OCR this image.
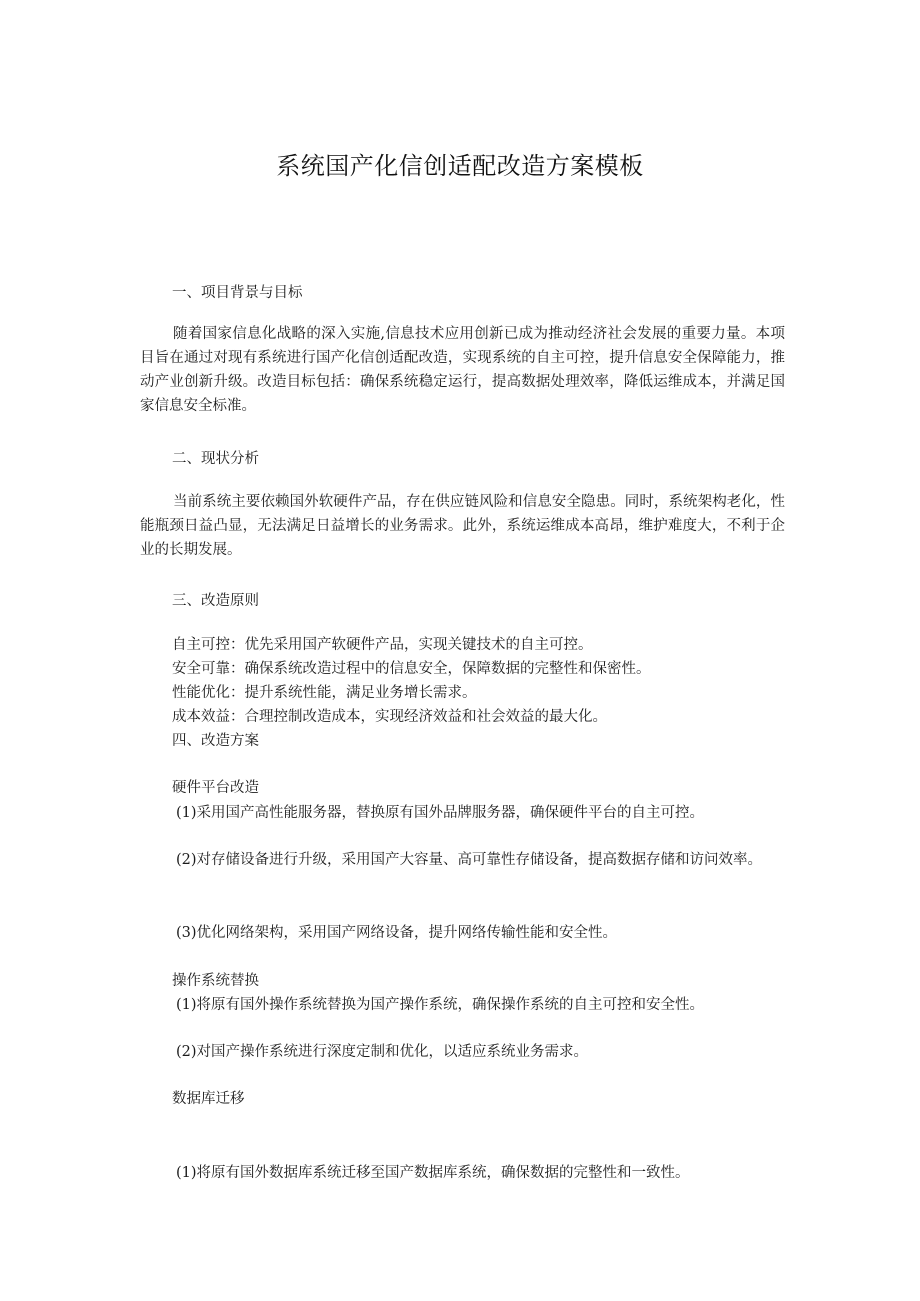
系统国产化信创适配改造方案模板
一、项目背景与目标

随着国家信息化战略的深入实施,信息技术应用创新已成为推动经济社会发展的重要力量。本项目旨在通过对现有系统进行国产化信创适配改造，实现系统的自主可控，提升信息安全保障能力，推动产业创新升级。改造目标包括：确保系统稳定运行，提高数据处理效率，降低运维成本，并满足国家信息安全标准。

二、现状分析

当前系统主要依赖国外软硬件产品，存在供应链风险和信息安全隐患。同时，系统架构老化，性能瓶颈日益凸显，无法满足日益增长的业务需求。此外，系统运维成本高昂，维护难度大，不利于企业的长期发展。

三、改造原则
自主可控：优先采用国产软硬件产品，实现关键技术的自主可控。
安全可靠：确保系统改造过程中的信息安全，保障数据的完整性和保密性。
性能优化：提升系统性能，满足业务增长需求。
成本效益：合理控制改造成本，实现经济效益和社会效益的最大化。
四、改造方案
硬件平台改造
(1)采用国产高性能服务器，替换原有国外品牌服务器，确保硬件平台的自主可控。

(2)对存储设备进行升级，采用国产大容量、高可靠性存储设备，提高数据存储和访问效率。

(3)优化网络架构，采用国产网络设备，提升网络传输性能和安全性。
操作系统替换
(1)将原有国外操作系统替换为国产操作系统，确保操作系统的自主可控和安全性。
(2)对国产操作系统进行深度定制和优化，以适应系统业务需求。
数据库迁移
(1)将原有国外数据库系统迁移至国产数据库系统，确保数据的完整性和一致性。
